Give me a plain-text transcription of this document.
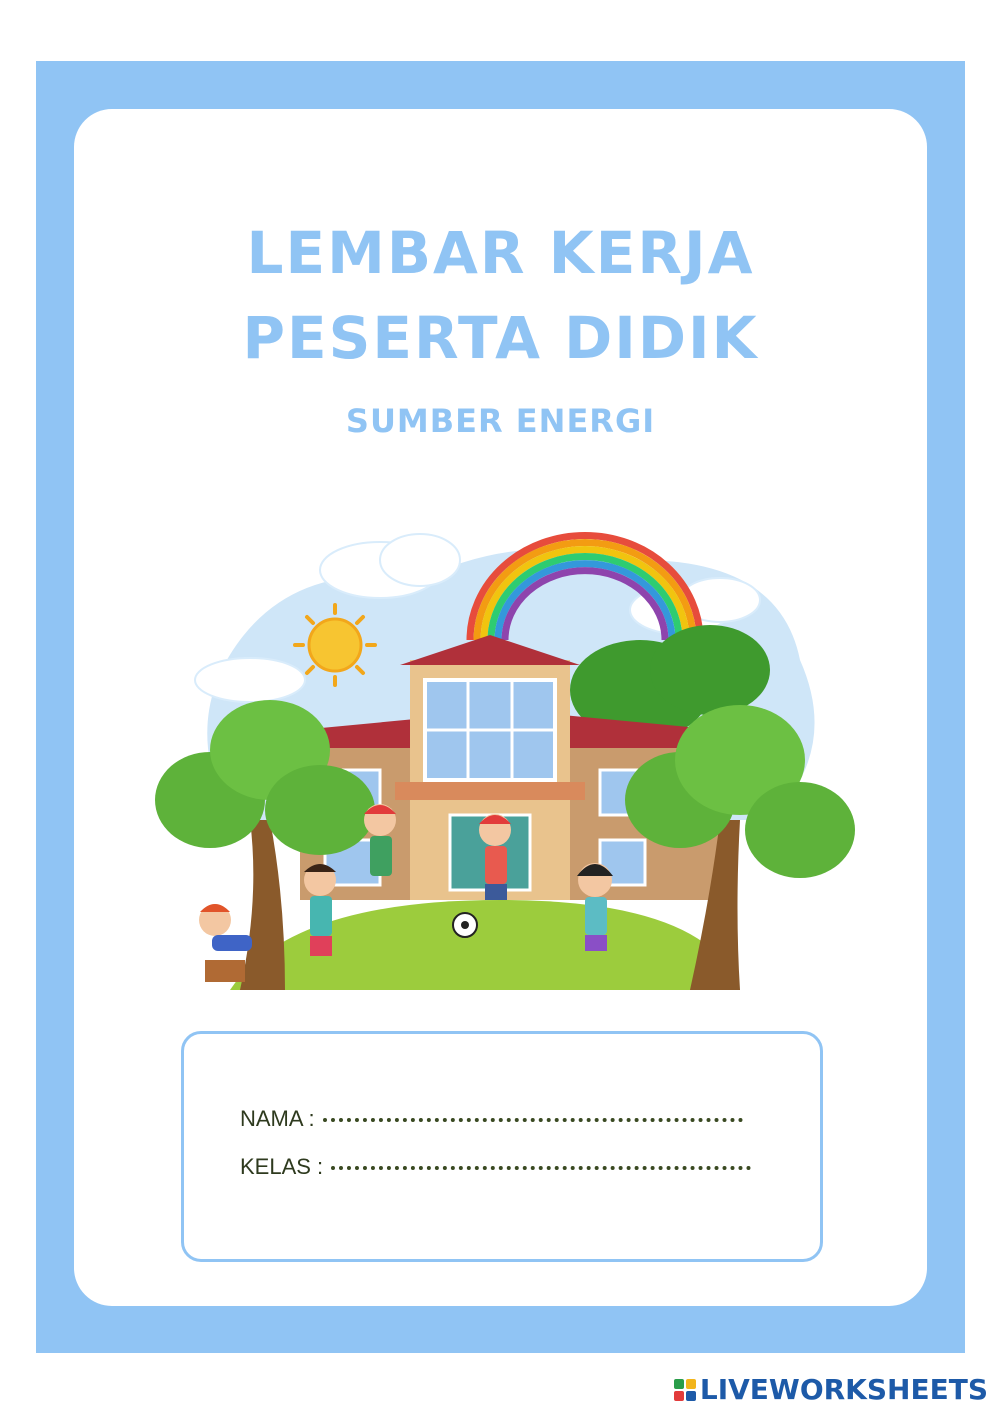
LEMBAR KERJA
PESERTA DIDIK
SUMBER ENERGI
NAMA :
KELAS :
LIVEWORKSHEETS
